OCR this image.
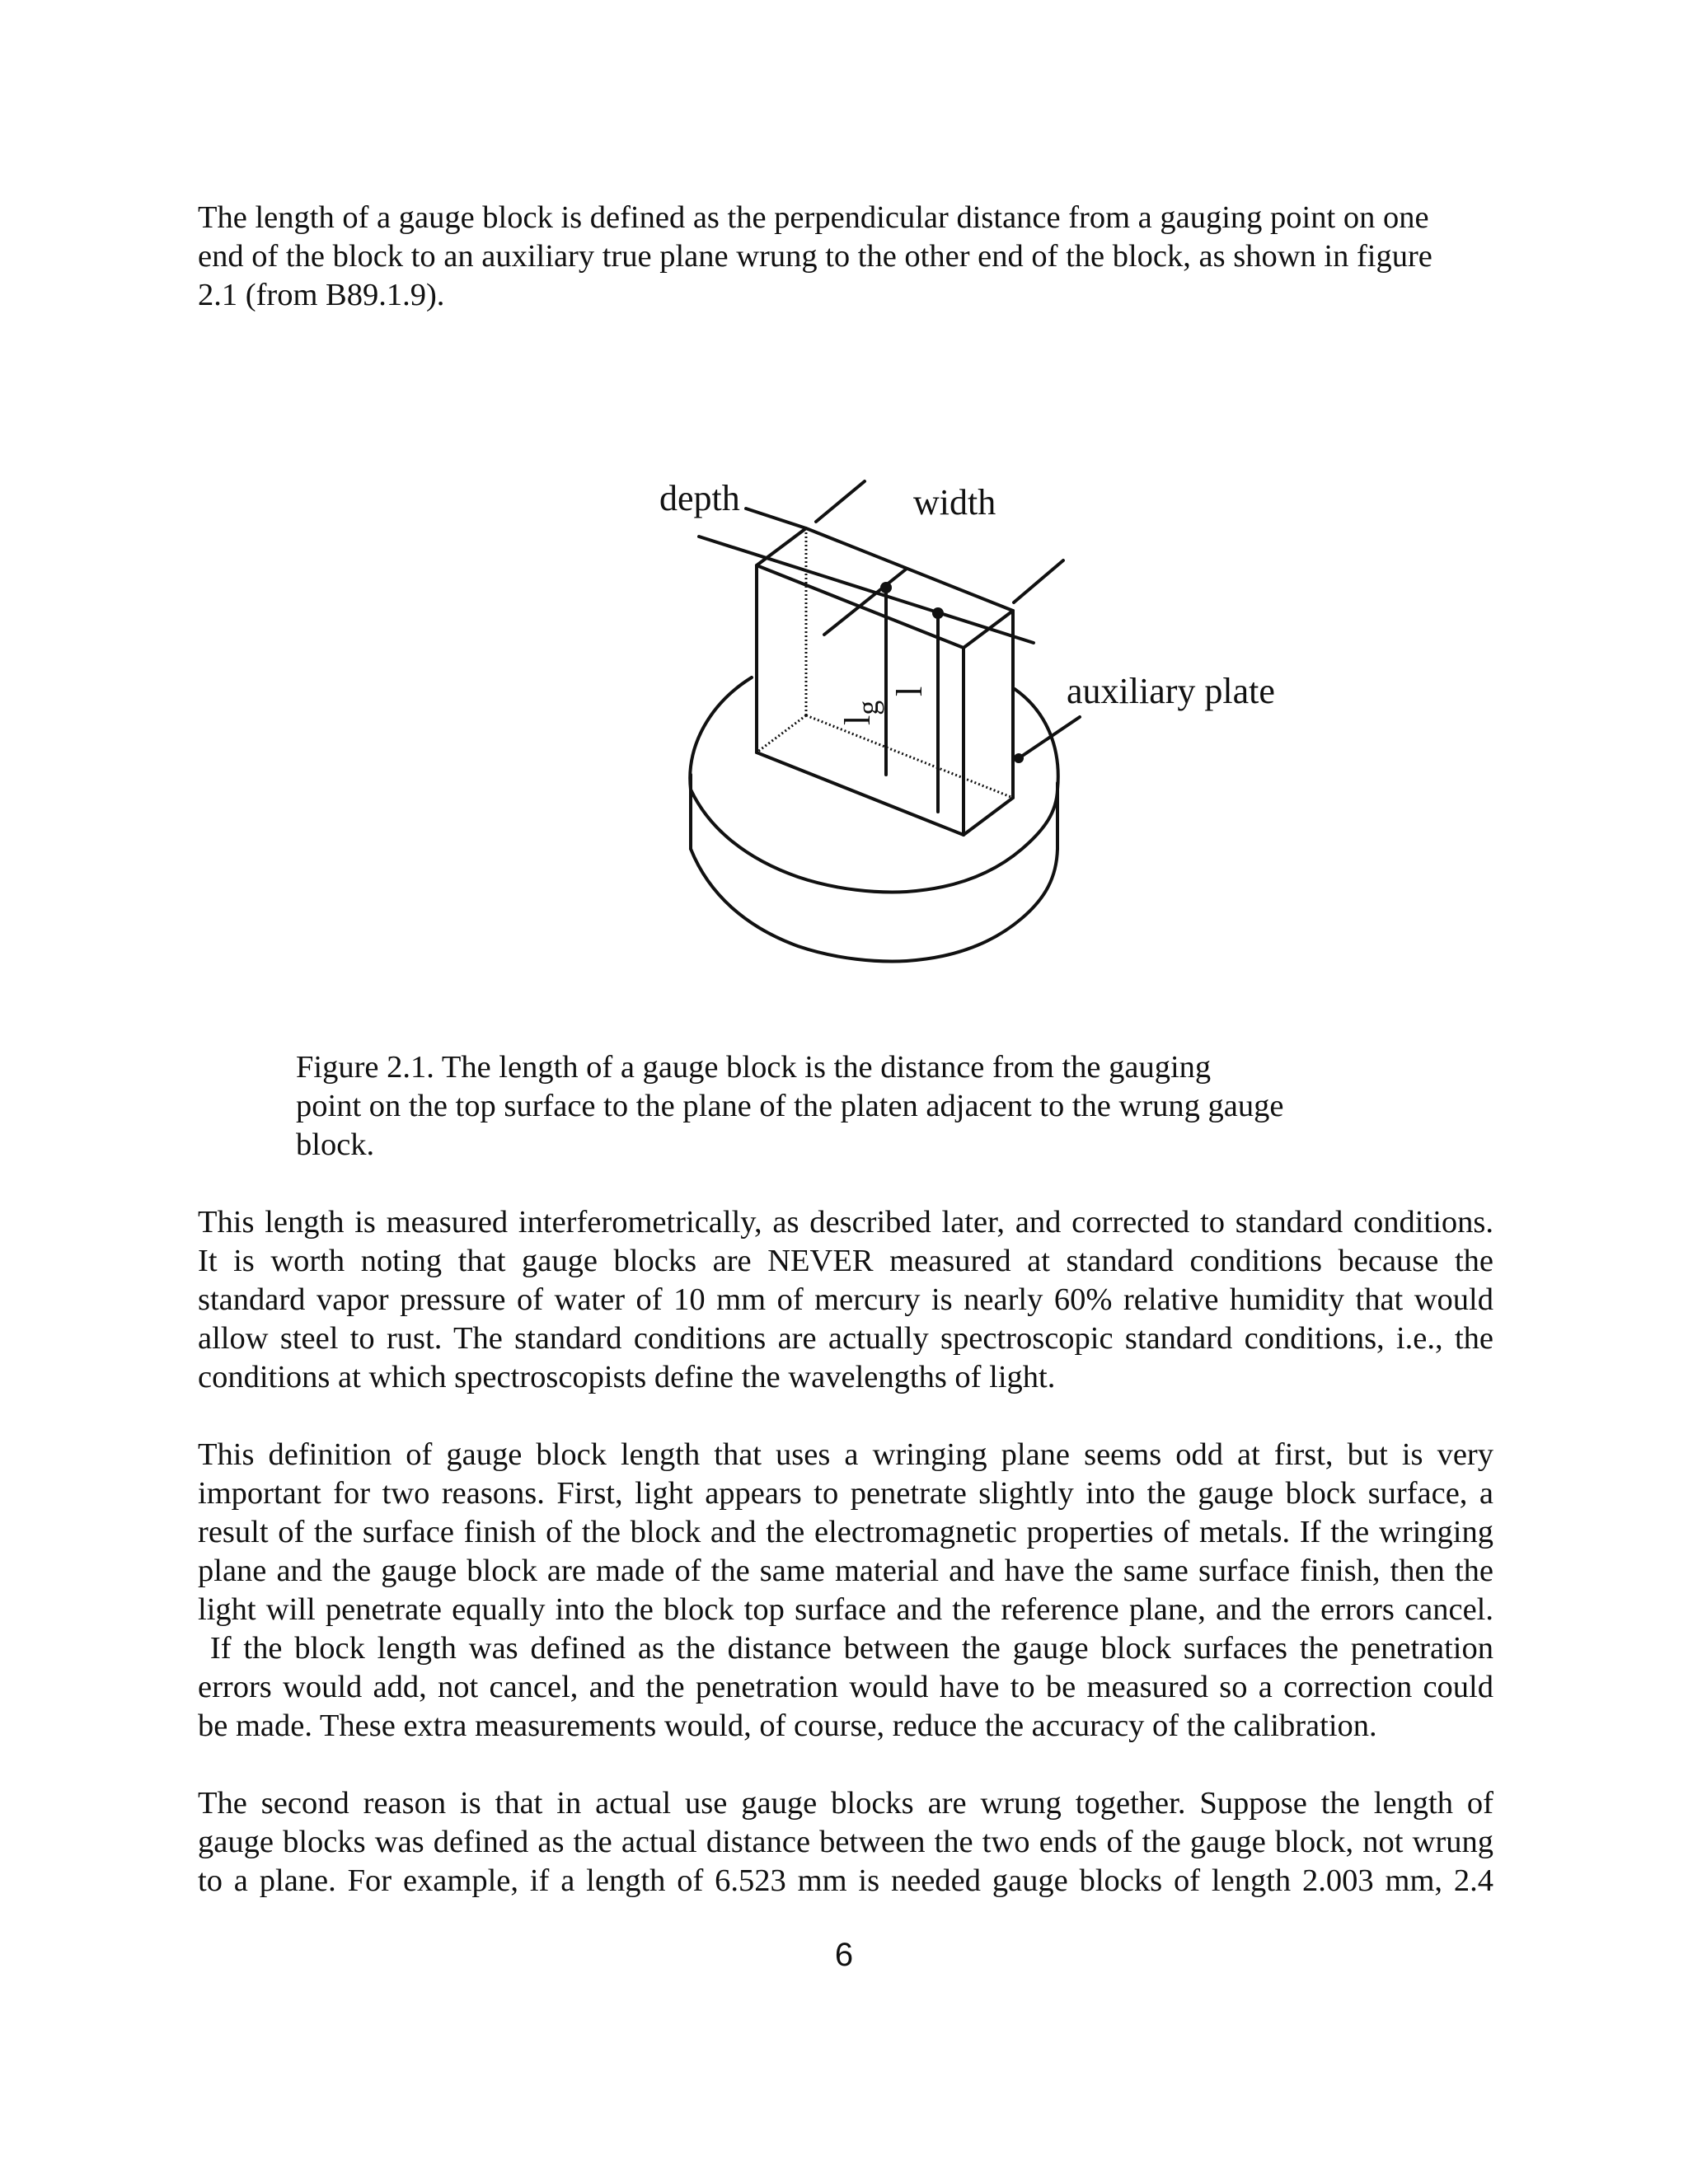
The length of a gauge block is defined as the perpendicular distance from a gauging point on one
end of the block to an auxiliary true plane wrung to the other end of the block, as shown in figure
2.1 (from B89.1.9).

depth	width
auxiliary plate
$l_g$
l

Figure 2.1. The length of a gauge block is the distance from the gauging
point on the top surface to the plane of the platen adjacent to the wrung gauge
block.

This length is measured interferometrically, as described later, and corrected to standard conditions.
It is worth noting that gauge blocks are NEVER measured at standard conditions because the
standard vapor pressure of water of 10 mm of mercury is nearly 60% relative humidity that would
allow steel to rust. The standard conditions are actually spectroscopic standard conditions, i.e., the
conditions at which spectroscopists define the wavelengths of light.

This definition of gauge block length that uses a wringing plane seems odd at first, but is very
important for two reasons. First, light appears to penetrate slightly into the gauge block surface, a
result of the surface finish of the block and the electromagnetic properties of metals. If the wringing
plane and the gauge block are made of the same material and have the same surface finish, then the
light will penetrate equally into the block top surface and the reference plane, and the errors cancel.
If the block length was defined as the distance between the gauge block surfaces the penetration
errors would add, not cancel, and the penetration would have to be measured so a correction could
be made. These extra measurements would, of course, reduce the accuracy of the calibration.

The second reason is that in actual use gauge blocks are wrung together. Suppose the length of
gauge blocks was defined as the actual distance between the two ends of the gauge block, not wrung
to a plane. For example, if a length of 6.523 mm is needed gauge blocks of length 2.003 mm, 2.4

6
